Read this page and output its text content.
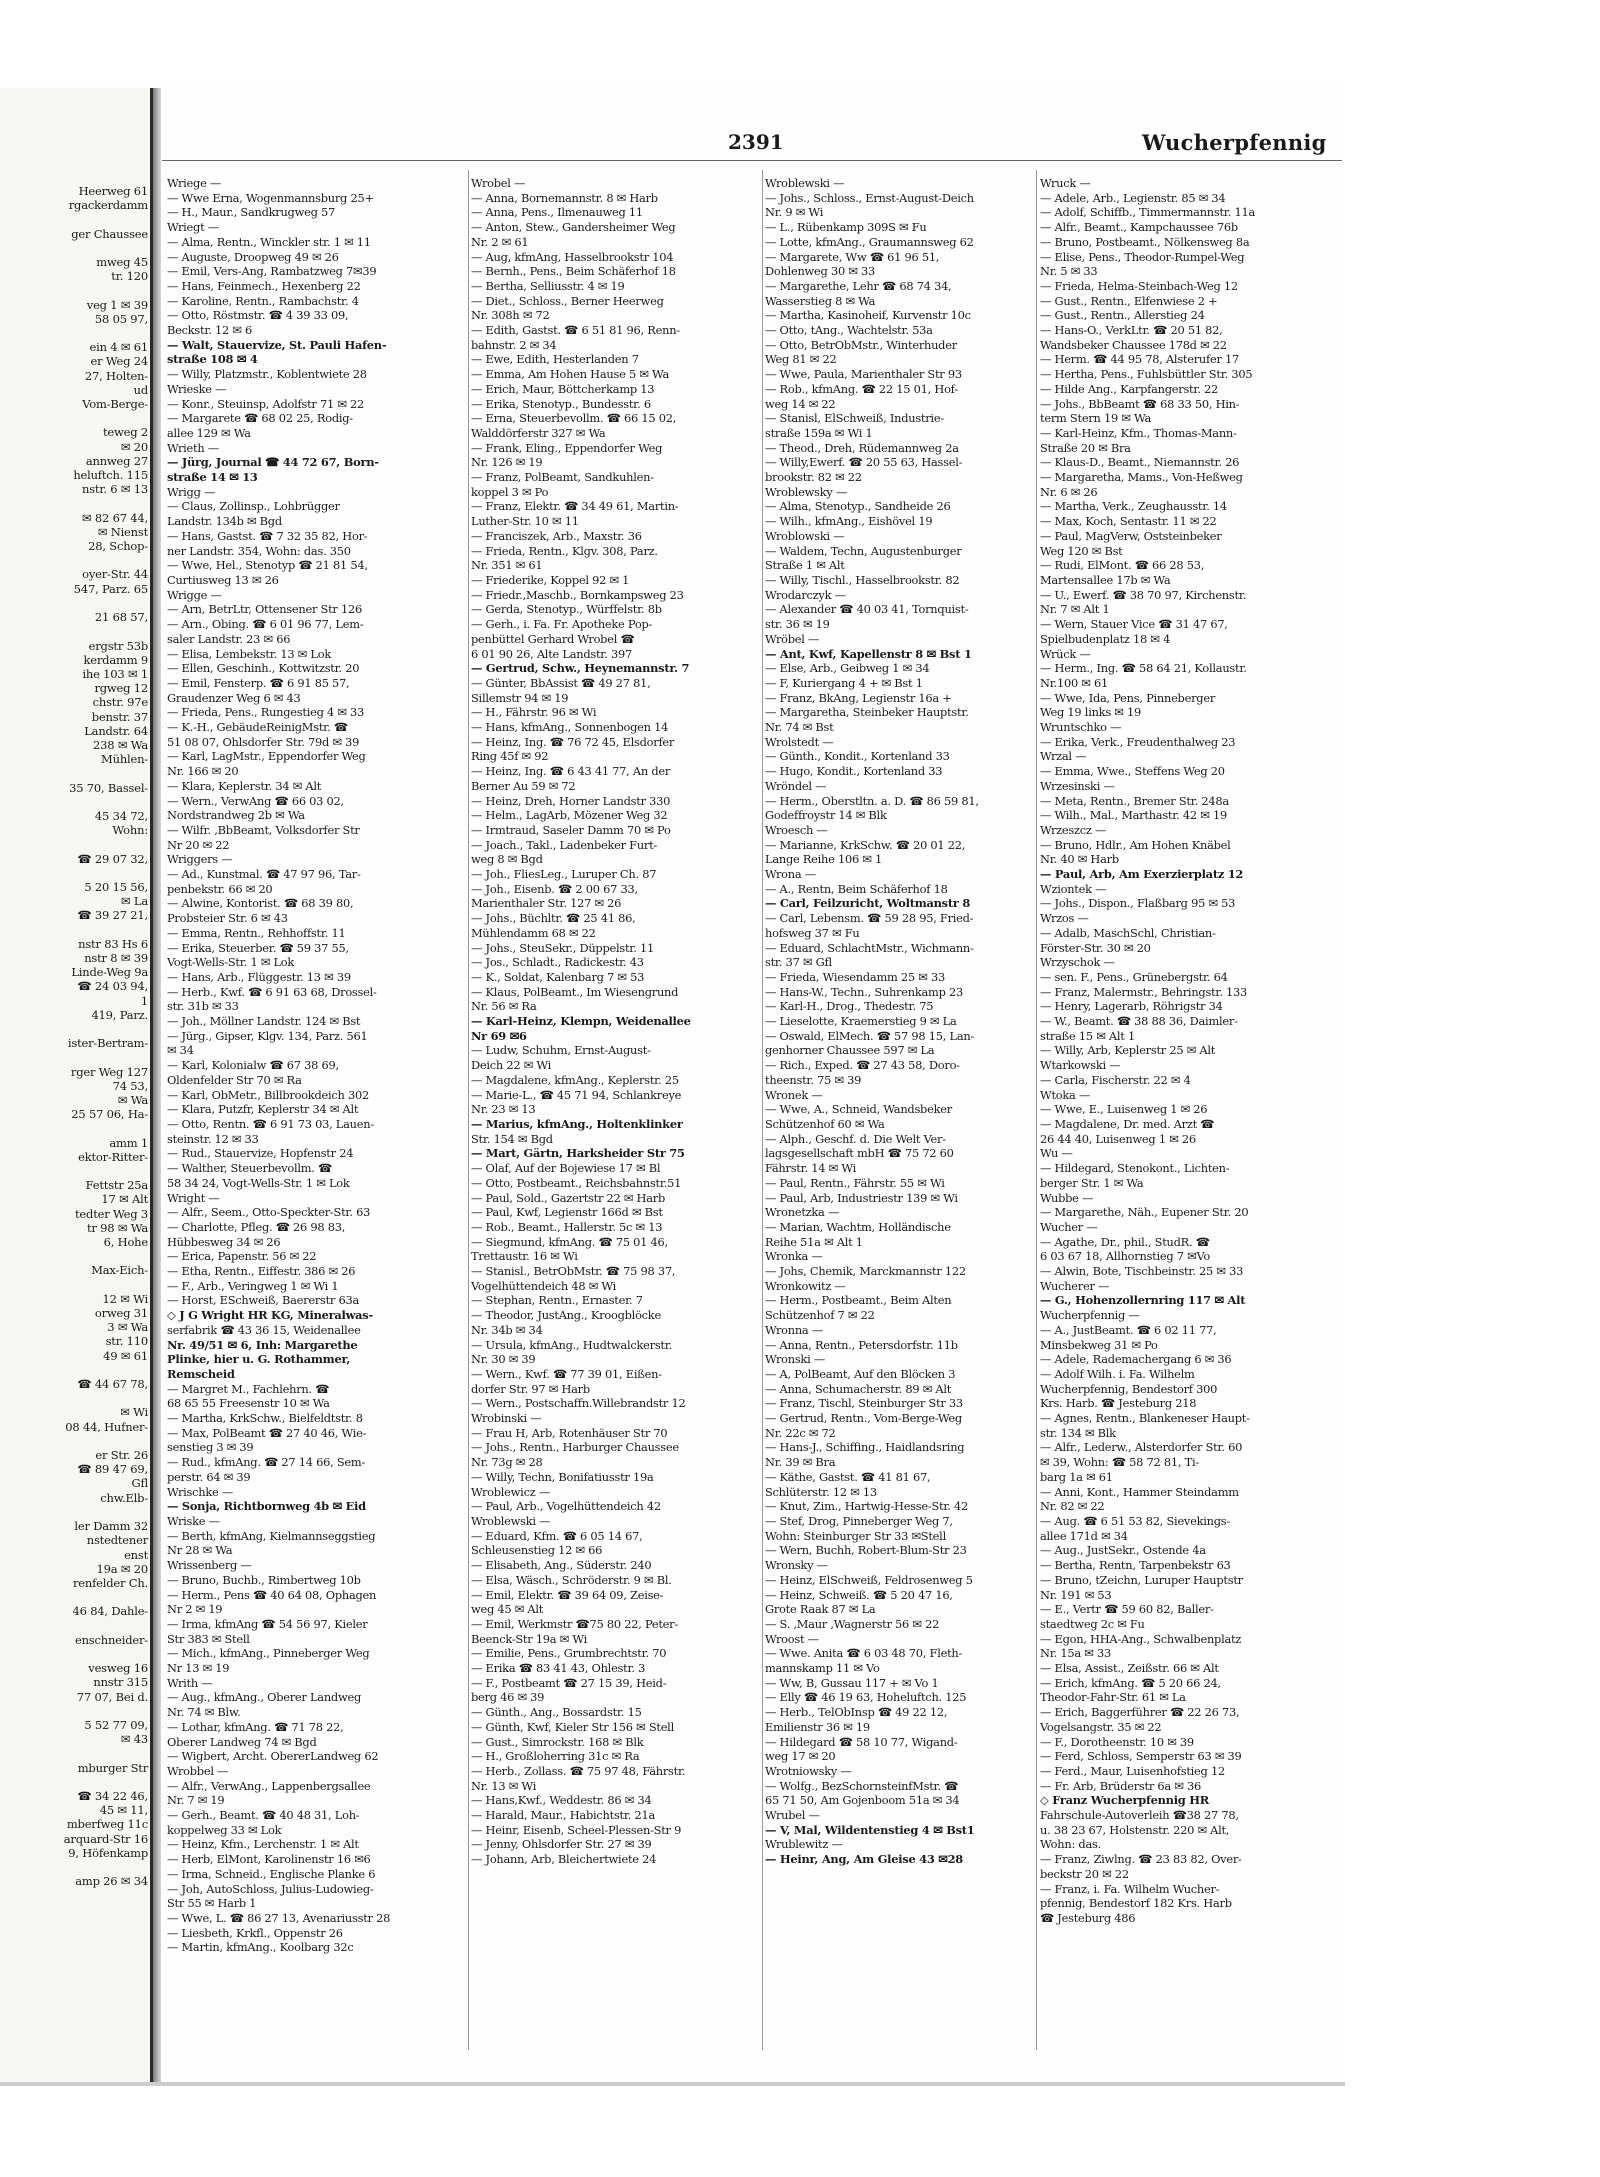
Heerweg 61
rgackerdamm

ger Chaussee

mweg 45
tr. 120

veg 1 ✉ 39
58 05 97,

ein 4 ✉ 61
er Weg 24
27, Holten-
ud
Vom-Berge-

teweg 2
✉ 20
annweg 27
heluftch. 115
nstr. 6 ✉ 13

✉ 82 67 44,
✉ Nienst
28, Schop-

oyer-Str. 44
547, Parz. 65

21 68 57,

ergstr 53b
kerdamm 9
ihe 103 ✉ 1
rgweg 12
chstr. 97e
benstr. 37
Landstr. 64
238 ✉ Wa
Mühlen-

35 70, Bassel-

45 34 72,
Wohn:

☎ 29 07 32,

5 20 15 56,
✉ La
☎ 39 27 21,

nstr 83 Hs 6
nstr 8 ✉ 39
Linde-Weg 9a
☎ 24 03 94,
1
419, Parz.

ister-Bertram-

rger Weg 127
74 53,
✉ Wa
25 57 06, Ha-

amm 1
ektor-Ritter-

Fettstr 25a
17 ✉ Alt
tedter Weg 3
tr 98 ✉ Wa
6, Hohe

Max-Eich-

12 ✉ Wi
orweg 31
3 ✉ Wa
str. 110
49 ✉ 61

☎ 44 67 78,

✉ Wi
08 44, Hufner-

er Str. 26
☎ 89 47 69,
Gfl
chw.Elb-

ler Damm 32
nstedtener
enst
19a ✉ 20
renfelder Ch.

46 84, Dahle-

enschneider-

vesweg 16
nnstr 315
77 07, Bei d.

5 52 77 09,
✉ 43

mburger Str

☎ 34 22 46,
45 ✉ 11,
mberfweg 11c
arquard-Str 16
9, Höfenkamp

amp 26 ✉ 34
2391	Wucherpfennig
Wriege —
— Wwe Erna, Wogenmannsburg 25+
— H., Maur., Sandkrugweg 57
Wriegt —
— Alma, Rentn., Winckler str. 1 ✉ 11
— Auguste, Droopweg 49 ✉ 26
— Emil, Vers-Ang, Rambatzweg 7✉39
— Hans, Feinmech., Hexenberg 22
— Karoline, Rentn., Rambachstr. 4
— Otto, Röstmstr. ☎ 4 39 33 09,
Beckstr. 12 ✉ 6
— Walt, Stauervize, St. Pauli Hafen-
straße 108 ✉ 4
— Willy, Platzmstr., Koblentwiete 28
Wrieske —
— Konr., Steuinsp, Adolfstr 71 ✉ 22
— Margarete ☎ 68 02 25, Rodig-
allee 129 ✉ Wa
Wrieth —
— Jürg, Journal ☎ 44 72 67, Born-
straße 14 ✉ 13
Wrigg —
— Claus, Zollinsp., Lohbrügger
Landstr. 134b ✉ Bgd
— Hans, Gastst. ☎ 7 32 35 82, Hor-
ner Landstr. 354, Wohn: das. 350
— Wwe, Hel., Stenotyp ☎ 21 81 54,
Curtiusweg 13 ✉ 26
Wrigge —
— Arn, BetrLtr, Ottensener Str 126
— Arn., Obing. ☎ 6 01 96 77, Lem-
saler Landstr. 23 ✉ 66
— Elisa, Lembekstr. 13 ✉ Lok
— Ellen, Geschinh., Kottwitzstr. 20
— Emil, Fensterp. ☎ 6 91 85 57,
Graudenzer Weg 6 ✉ 43
— Frieda, Pens., Rungestieg 4 ✉ 33
— K.-H., GebäudeReinigMstr. ☎
51 08 07, Ohlsdorfer Str. 79d ✉ 39
— Karl, LagMstr., Eppendorfer Weg
Nr. 166 ✉ 20
— Klara, Keplerstr. 34 ✉ Alt
— Wern., VerwAng ☎ 66 03 02,
Nordstrandweg 2b ✉ Wa
— Wilfr. ,BbBeamt, Volksdorfer Str
Nr 20 ✉ 22
Wriggers —
— Ad., Kunstmal. ☎ 47 97 96, Tar-
penbekstr. 66 ✉ 20
— Alwine, Kontorist. ☎ 68 39 80,
Probsteier Str. 6 ✉ 43
— Emma, Rentn., Rehhoffstr. 11
— Erika, Steuerber. ☎ 59 37 55,
Vogt-Wells-Str. 1 ✉ Lok
— Hans, Arb., Flüggestr. 13 ✉ 39
— Herb., Kwf. ☎ 6 91 63 68, Drossel-
str. 31b ✉ 33
— Joh., Möllner Landstr. 124 ✉ Bst
— Jürg., Gipser, Klgv. 134, Parz. 561
✉ 34
— Karl, Kolonialw ☎ 67 38 69,
Oldenfelder Str 70 ✉ Ra
— Karl, ObMetr., Billbrookdeich 302
— Klara, Putzfr, Keplerstr 34 ✉ Alt
— Otto, Rentn. ☎ 6 91 73 03, Lauen-
steinstr. 12 ✉ 33
— Rud., Stauervize, Hopfenstr 24
— Walther, Steuerbevollm. ☎
58 34 24, Vogt-Wells-Str. 1 ✉ Lok
Wright —
— Alfr., Seem., Otto-Speckter-Str. 63
— Charlotte, Pfleg. ☎ 26 98 83,
Hübbesweg 34 ✉ 26
— Erica, Papenstr. 56 ✉ 22
— Etha, Rentn., Eiffestr. 386 ✉ 26
— F., Arb., Veringweg 1 ✉ Wi 1
— Horst, ESchweiß, Baererstr 63a
◇ J G Wright HR KG, Mineralwas-
serfabrik ☎ 43 36 15, Weidenallee
Nr. 49/51 ✉ 6, Inh: Margarethe
Plinke, hier u. G. Rothammer,
Remscheid
— Margret M., Fachlehrn. ☎
68 65 55 Freesenstr 10 ✉ Wa
— Martha, KrkSchw., Bielfeldtstr. 8
— Max, PolBeamt ☎ 27 40 46, Wie-
senstieg 3 ✉ 39
— Rud., kfmAng. ☎ 27 14 66, Sem-
perstr. 64 ✉ 39
Wrischke —
— Sonja, Richtbornweg 4b ✉ Eid
Wriske —
— Berth, kfmAng, Kielmannseggstieg
Nr 28 ✉ Wa
Wrissenberg —
— Bruno, Buchb., Rimbertweg 10b
— Herm., Pens ☎ 40 64 08, Ophagen
Nr 2 ✉ 19
— Irma, kfmAng ☎ 54 56 97, Kieler
Str 383 ✉ Stell
— Mich., kfmAng., Pinneberger Weg
Nr 13 ✉ 19
Writh —
— Aug., kfmAng., Oberer Landweg
Nr. 74 ✉ Blw.
— Lothar, kfmAng. ☎ 71 78 22,
Oberer Landweg 74 ✉ Bgd
— Wigbert, Archt. ObererLandweg 62
Wrobbel —
— Alfr., VerwAng., Lappenbergsallee
Nr. 7 ✉ 19
— Gerh., Beamt. ☎ 40 48 31, Loh-
koppelweg 33 ✉ Lok
— Heinz, Kfm., Lerchenstr. 1 ✉ Alt
— Herb, ElMont, Karolinenstr 16 ✉6
— Irma, Schneid., Englische Planke 6
— Joh, AutoSchloss, Julius-Ludowieg-
Str 55 ✉ Harb 1
— Wwe, L. ☎ 86 27 13, Avenariusstr 28
— Liesbeth, Krkfl., Oppenstr 26
— Martin, kfmAng., Koolbarg 32c
Wrobel —
— Anna, Bornemannstr. 8 ✉ Harb
— Anna, Pens., Ilmenauweg 11
— Anton, Stew., Gandersheimer Weg
Nr. 2 ✉ 61
— Aug, kfmAng, Hasselbrookstr 104
— Bernh., Pens., Beim Schäferhof 18
— Bertha, Selliusstr. 4 ✉ 19
— Diet., Schloss., Berner Heerweg
Nr. 308h ✉ 72
— Edith, Gastst. ☎ 6 51 81 96, Renn-
bahnstr. 2 ✉ 34
— Ewe, Edith, Hesterlanden 7
— Emma, Am Hohen Hause 5 ✉ Wa
— Erich, Maur, Böttcherkamp 13
— Erika, Stenotyp., Bundesstr. 6
— Erna, Steuerbevollm. ☎ 66 15 02,
Walddörferstr 327 ✉ Wa
— Frank, Eling., Eppendorfer Weg
Nr. 126 ✉ 19
— Franz, PolBeamt, Sandkuhlen-
koppel 3 ✉ Po
— Franz, Elektr. ☎ 34 49 61, Martin-
Luther-Str. 10 ✉ 11
— Franciszek, Arb., Maxstr. 36
— Frieda, Rentn., Klgv. 308, Parz.
Nr. 351 ✉ 61
— Friederike, Koppel 92 ✉ 1
— Friedr.,Maschb., Bornkampsweg 23
— Gerda, Stenotyp., Würffelstr. 8b
— Gerh., i. Fa. Fr. Apotheke Pop-
penbüttel Gerhard Wrobel ☎
6 01 90 26, Alte Landstr. 397
— Gertrud, Schw., Heynemannstr. 7
— Günter, BbAssist ☎ 49 27 81,
Sillemstr 94 ✉ 19
— H., Fährstr. 96 ✉ Wi
— Hans, kfmAng., Sonnenbogen 14
— Heinz, Ing. ☎ 76 72 45, Elsdorfer
Ring 45f ✉ 92
— Heinz, Ing. ☎ 6 43 41 77, An der
Berner Au 59 ✉ 72
— Heinz, Dreh, Horner Landstr 330
— Helm., LagArb, Mözener Weg 32
— Irmtraud, Saseler Damm 70 ✉ Po
— Joach., Takl., Ladenbeker Furt-
weg 8 ✉ Bgd
— Joh., FliesLeg., Luruper Ch. 87
— Joh., Eisenb. ☎ 2 00 67 33,
Marienthaler Str. 127 ✉ 26
— Johs., Büchltr. ☎ 25 41 86,
Mühlendamm 68 ✉ 22
— Johs., SteuSekr., Düppelstr. 11
— Jos., Schladt., Radickestr. 43
— K., Soldat, Kalenbarg 7 ✉ 53
— Klaus, PolBeamt., Im Wiesengrund
Nr. 56 ✉ Ra
— Karl-Heinz, Klempn, Weidenallee
Nr 69 ✉6
— Ludw, Schuhm, Ernst-August-
Deich 22 ✉ Wi
— Magdalene, kfmAng., Keplerstr. 25
— Marie-L., ☎ 45 71 94, Schlankreye
Nr. 23 ✉ 13
— Marius, kfmAng., Holtenklinker
Str. 154 ✉ Bgd
— Mart, Gärtn, Harksheider Str 75
— Olaf, Auf der Bojewiese 17 ✉ Bl
— Otto, Postbeamt., Reichsbahnstr.51
— Paul, Sold., Gazertstr 22 ✉ Harb
— Paul, Kwf, Legienstr 166d ✉ Bst
— Rob., Beamt., Hallerstr. 5c ✉ 13
— Siegmund, kfmAng. ☎ 75 01 46,
Trettaustr. 16 ✉ Wi
— Stanisl., BetrObMstr. ☎ 75 98 37,
Vogelhüttendeich 48 ✉ Wi
— Stephan, Rentn., Ernaster. 7
— Theodor, JustAng., Kroogblöcke
Nr. 34b ✉ 34
— Ursula, kfmAng., Hudtwalckerstr.
Nr. 30 ✉ 39
— Wern., Kwf. ☎ 77 39 01, Eißen-
dorfer Str. 97 ✉ Harb
— Wern., Postschaffn.Willebrandstr 12
Wrobinski —
— Frau H, Arb, Rotenhäuser Str 70
— Johs., Rentn., Harburger Chaussee
Nr. 73g ✉ 28
— Willy, Techn, Bonifatiusstr 19a
Wroblewicz —
— Paul, Arb., Vogelhüttendeich 42
Wroblewski —
— Eduard, Kfm. ☎ 6 05 14 67,
Schleusenstieg 12 ✉ 66
— Elisabeth, Ang., Süderstr. 240
— Elsa, Wäsch., Schröderstr. 9 ✉ Bl.
— Emil, Elektr. ☎ 39 64 09, Zeise-
weg 45 ✉ Alt
— Emil, Werkmstr ☎75 80 22, Peter-
Beenck-Str 19a ✉ Wi
— Emilie, Pens., Grumbrechtstr. 70
— Erika ☎ 83 41 43, Ohlestr. 3
— F., Postbeamt ☎ 27 15 39, Heid-
berg 46 ✉ 39
— Günth., Ang., Bossardstr. 15
— Günth, Kwf, Kieler Str 156 ✉ Stell
— Gust., Simrockstr. 168 ✉ Blk
— H., Großloherring 31c ✉ Ra
— Herb., Zollass. ☎ 75 97 48, Fährstr.
Nr. 13 ✉ Wi
— Hans,Kwf., Weddestr. 86 ✉ 34
— Harald, Maur., Habichtstr. 21a
— Heinr, Eisenb, Scheel-Plessen-Str 9
— Jenny, Ohlsdorfer Str. 27 ✉ 39
— Johann, Arb, Bleichertwiete 24
Wroblewski —
— Johs., Schloss., Ernst-August-Deich
Nr. 9 ✉ Wi
— L., Rübenkamp 309S ✉ Fu
— Lotte, kfmAng., Graumannsweg 62
— Margarete, Ww ☎ 61 96 51,
Dohlenweg 30 ✉ 33
— Margarethe, Lehr ☎ 68 74 34,
Wasserstieg 8 ✉ Wa
— Martha, Kasinoheif, Kurvenstr 10c
— Otto, tAng., Wachtelstr. 53a
— Otto, BetrObMstr., Winterhuder
Weg 81 ✉ 22
— Wwe, Paula, Marienthaler Str 93
— Rob., kfmAng. ☎ 22 15 01, Hof-
weg 14 ✉ 22
— Stanisl, ElSchweiß, Industrie-
straße 159a ✉ Wi 1
— Theod., Dreh, Rüdemannweg 2a
— Willy,Ewerf. ☎ 20 55 63, Hassel-
brookstr. 82 ✉ 22
Wroblewsky —
— Alma, Stenotyp., Sandheide 26
— Wilh., kfmAng., Eishövel 19
Wroblowski —
— Waldem, Techn, Augustenburger
Straße 1 ✉ Alt
— Willy, Tischl., Hasselbrookstr. 82
Wrodarczyk —
— Alexander ☎ 40 03 41, Tornquist-
str. 36 ✉ 19
Wröbel —
— Ant, Kwf, Kapellenstr 8 ✉ Bst 1
— Else, Arb., Geibweg 1 ✉ 34
— F, Kuriergang 4 + ✉ Bst 1
— Franz, BkAng, Legienstr 16a +
— Margaretha, Steinbeker Hauptstr.
Nr. 74 ✉ Bst
Wrolstedt —
— Günth., Kondit., Kortenland 33
— Hugo, Kondit., Kortenland 33
Wröndel —
— Herm., Oberstltn. a. D. ☎ 86 59 81,
Godeffroystr 14 ✉ Blk
Wroesch —
— Marianne, KrkSchw. ☎ 20 01 22,
Lange Reihe 106 ✉ 1
Wrona —
— A., Rentn, Beim Schäferhof 18
— Carl, Feilzuricht, Woltmanstr 8
— Carl, Lebensm. ☎ 59 28 95, Fried-
hofsweg 37 ✉ Fu
— Eduard, SchlachtMstr., Wichmann-
str. 37 ✉ Gfl
— Frieda, Wiesendamm 25 ✉ 33
— Hans-W., Techn., Suhrenkamp 23
— Karl-H., Drog., Thedestr. 75
— Lieselotte, Kraemerstieg 9 ✉ La
— Oswald, ElMech. ☎ 57 98 15, Lan-
genhorner Chaussee 597 ✉ La
— Rich., Exped. ☎ 27 43 58, Doro-
theenstr. 75 ✉ 39
Wronek —
— Wwe, A., Schneid, Wandsbeker
Schützenhof 60 ✉ Wa
— Alph., Geschf. d. Die Welt Ver-
lagsgesellschaft mbH ☎ 75 72 60
Fährstr. 14 ✉ Wi
— Paul, Rentn., Fährstr. 55 ✉ Wi
— Paul, Arb, Industriestr 139 ✉ Wi
Wronetzka —
— Marian, Wachtm, Holländische
Reihe 51a ✉ Alt 1
Wronka —
— Johs, Chemik, Marckmannstr 122
Wronkowitz —
— Herm., Postbeamt., Beim Alten
Schützenhof 7 ✉ 22
Wronna —
— Anna, Rentn., Petersdorfstr. 11b
Wronski —
— A, PolBeamt, Auf den Blöcken 3
— Anna, Schumacherstr. 89 ✉ Alt
— Franz, Tischl, Steinburger Str 33
— Gertrud, Rentn., Vom-Berge-Weg
Nr. 22c ✉ 72
— Hans-J., Schiffing., Haidlandsring
Nr. 39 ✉ Bra
— Käthe, Gastst. ☎ 41 81 67,
Schlüterstr. 12 ✉ 13
— Knut, Zim., Hartwig-Hesse-Str. 42
— Stef, Drog, Pinneberger Weg 7,
Wohn: Steinburger Str 33 ✉Stell
— Wern, Buchh, Robert-Blum-Str 23
Wronsky —
— Heinz, ElSchweiß, Feldrosenweg 5
— Heinz, Schweiß. ☎ 5 20 47 16,
Grote Raak 87 ✉ La
— S. ,Maur ,Wagnerstr 56 ✉ 22
Wroost —
— Wwe. Anita ☎ 6 03 48 70, Fleth-
mannskamp 11 ✉ Vo
— Ww, B, Gussau 117 + ✉ Vo 1
— Elly ☎ 46 19 63, Hoheluftch. 125
— Herb., TelObInsp ☎ 49 22 12,
Emilienstr 36 ✉ 19
— Hildegard ☎ 58 10 77, Wigand-
weg 17 ✉ 20
Wrotniowsky —
— Wolfg., BezSchornsteinfMstr. ☎
65 71 50, Am Gojenboom 51a ✉ 34
Wrubel —
— V, Mal, Wildentenstieg 4 ✉ Bst1
Wrublewitz —
— Heinr, Ang, Am Gleise 43 ✉28
Wruck —
— Adele, Arb., Legienstr. 85 ✉ 34
— Adolf, Schiffb., Timmermannstr. 11a
— Alfr., Beamt., Kampchaussee 76b
— Bruno, Postbeamt., Nölkensweg 8a
— Elise, Pens., Theodor-Rumpel-Weg
Nr. 5 ✉ 33
— Frieda, Helma-Steinbach-Weg 12
— Gust., Rentn., Elfenwiese 2 +
— Gust., Rentn., Allerstieg 24
— Hans-O., VerkLtr. ☎ 20 51 82,
Wandsbeker Chaussee 178d ✉ 22
— Herm. ☎ 44 95 78, Alsterufer 17
— Hertha, Pens., Fuhlsbüttler Str. 305
— Hilde Ang., Karpfangerstr. 22
— Johs., BbBeamt ☎ 68 33 50, Hin-
term Stern 19 ✉ Wa
— Karl-Heinz, Kfm., Thomas-Mann-
Straße 20 ✉ Bra
— Klaus-D., Beamt., Niemannstr. 26
— Margaretha, Mams., Von-Heßweg
Nr. 6 ✉ 26
— Martha, Verk., Zeughausstr. 14
— Max, Koch, Sentastr. 11 ✉ 22
— Paul, MagVerw, Oststeinbeker
Weg 120 ✉ Bst
— Rudi, ElMont. ☎ 66 28 53,
Martensallee 17b ✉ Wa
— U., Ewerf. ☎ 38 70 97, Kirchenstr.
Nr. 7 ✉ Alt 1
— Wern, Stauer Vice ☎ 31 47 67,
Spielbudenplatz 18 ✉ 4
Wrück —
— Herm., Ing. ☎ 58 64 21, Kollaustr.
Nr.100 ✉ 61
— Wwe, Ida, Pens, Pinneberger
Weg 19 links ✉ 19
Wruntschko —
— Erika, Verk., Freudenthalweg 23
Wrzal —
— Emma, Wwe., Steffens Weg 20
Wrzesinski —
— Meta, Rentn., Bremer Str. 248a
— Wilh., Mal., Marthastr. 42 ✉ 19
Wrzeszcz —
— Bruno, Hdlr., Am Hohen Knäbel
Nr. 40 ✉ Harb
— Paul, Arb, Am Exerzierplatz 12
Wziontek —
— Johs., Dispon., Flaßbarg 95 ✉ 53
Wrzos —
— Adalb, MaschSchl, Christian-
Förster-Str. 30 ✉ 20
Wrzyschok —
— sen. F., Pens., Grünebergstr. 64
— Franz, Malermstr., Behringstr. 133
— Henry, Lagerarb, Röhrigstr 34
— W., Beamt. ☎ 38 88 36, Daimler-
straße 15 ✉ Alt 1
— Willy, Arb, Keplerstr 25 ✉ Alt
Wtarkowski —
— Carla, Fischerstr. 22 ✉ 4
Wtoka —
— Wwe, E., Luisenweg 1 ✉ 26
— Magdalene, Dr. med. Arzt ☎
26 44 40, Luisenweg 1 ✉ 26
Wu —
— Hildegard, Stenokont., Lichten-
berger Str. 1 ✉ Wa
Wubbe —
— Margarethe, Näh., Eupener Str. 20
Wucher —
— Agathe, Dr., phil., StudR. ☎
6 03 67 18, Allhornstieg 7 ✉Vo
— Alwin, Bote, Tischbeinstr. 25 ✉ 33
Wucherer —
— G., Hohenzollernring 117 ✉ Alt
Wucherpfennig —
— A., JustBeamt. ☎ 6 02 11 77,
Minsbekweg 31 ✉ Po
— Adele, Rademachergang 6 ✉ 36
— Adolf Wilh. i. Fa. Wilhelm
Wucherpfennig, Bendestorf 300
Krs. Harb. ☎ Jesteburg 218
— Agnes, Rentn., Blankeneser Haupt-
str. 134 ✉ Blk
— Alfr., Lederw., Alsterdorfer Str. 60
✉ 39, Wohn: ☎ 58 72 81, Ti-
barg 1a ✉ 61
— Anni, Kont., Hammer Steindamm
Nr. 82 ✉ 22
— Aug. ☎ 6 51 53 82, Sievekings-
allee 171d ✉ 34
— Aug., JustSekr., Ostende 4a
— Bertha, Rentn, Tarpenbekstr 63
— Bruno, tZeichn, Luruper Hauptstr
Nr. 191 ✉ 53
— E., Vertr ☎ 59 60 82, Baller-
staedtweg 2c ✉ Fu
— Egon, HHA-Ang., Schwalbenplatz
Nr. 15a ✉ 33
— Elsa, Assist., Zeißstr. 66 ✉ Alt
— Erich, kfmAng. ☎ 5 20 66 24,
Theodor-Fahr-Str. 61 ✉ La
— Erich, Baggerführer ☎ 22 26 73,
Vogelsangstr. 35 ✉ 22
— F., Dorotheenstr. 10 ✉ 39
— Ferd, Schloss, Semperstr 63 ✉ 39
— Ferd., Maur, Luisenhofstieg 12
— Fr. Arb, Brüderstr 6a ✉ 36
◇ Franz Wucherpfennig HR
Fahrschule-Autoverleih ☎38 27 78,
u. 38 23 67, Holstenstr. 220 ✉ Alt,
Wohn: das.
— Franz, Ziwlng. ☎ 23 83 82, Over-
beckstr 20 ✉ 22
— Franz, i. Fa. Wilhelm Wucher-
pfennig, Bendestorf 182 Krs. Harb
☎ Jesteburg 486
